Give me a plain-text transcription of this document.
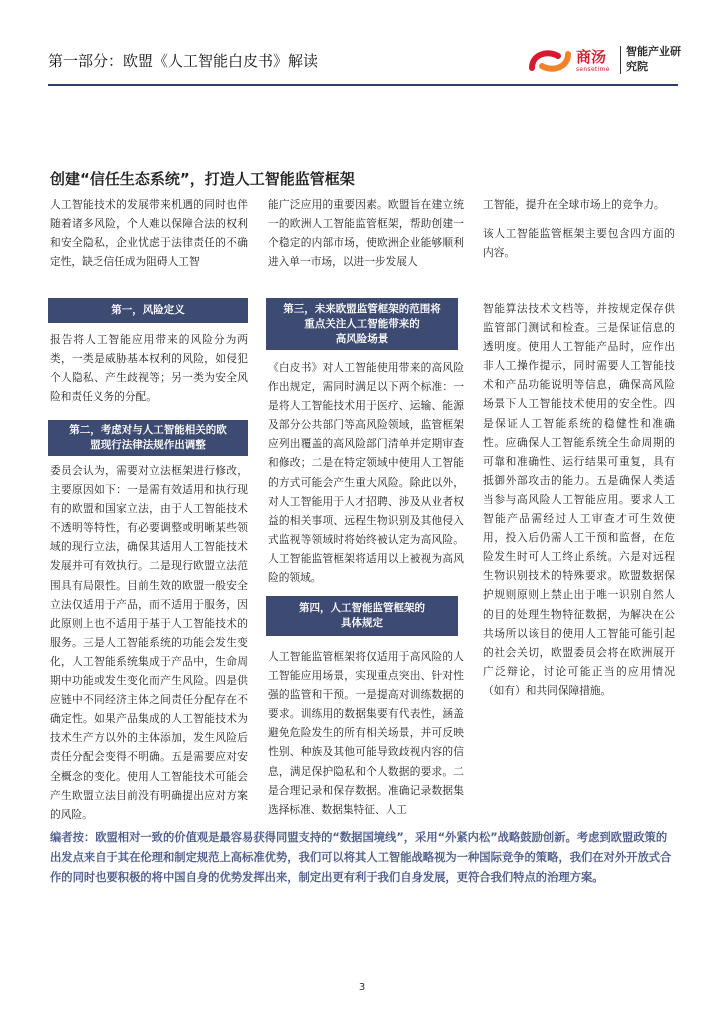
第一部分：欧盟《人工智能白皮书》解读	商汤
sensetime
智能产业研究院
创建“信任生态系统”，打造人工智能监管框架

人工智能技术的发展带来机遇的同时也伴随着诸多风险，个人难以保障合法的权利和安全隐私，企业忧虑于法律责任的不确定性，缺乏信任成为阻碍人工智

能广泛应用的重要因素。欧盟旨在建立统一的欧洲人工智能监管框架，帮助创建一个稳定的内部市场，使欧洲企业能够顺利进入单一市场，以进一步发展人

工智能，提升在全球市场上的竞争力。

该人工智能监管框架主要包含四方面的内容。

第一，风险定义

报告将人工智能应用带来的风险分为两类，一类是威胁基本权利的风险，如侵犯个人隐私、产生歧视等；另一类为安全风险和责任义务的分配。

第二，考虑对与人工智能相关的欧
盟现行法律法规作出调整

委员会认为，需要对立法框架进行修改，主要原因如下：一是需有效适用和执行现有的欧盟和国家立法，由于人工智能技术不透明等特性，有必要调整或明晰某些领域的现行立法，确保其适用人工智能技术发展并可有效执行。二是现行欧盟立法范围具有局限性。目前生效的欧盟一般安全立法仅适用于产品，而不适用于服务，因此原则上也不适用于基于人工智能技术的服务。三是人工智能系统的功能会发生变化，人工智能系统集成于产品中，生命周期中功能或发生变化而产生风险。四是供应链中不同经济主体之间责任分配存在不确定性。如果产品集成的人工智能技术为技术生产方以外的主体添加，发生风险后责任分配会变得不明确。五是需要应对安全概念的变化。使用人工智能技术可能会产生欧盟立法目前没有明确提出应对方案的风险。

第三，未来欧盟监管框架的范围将
重点关注人工智能带来的
高风险场景

《白皮书》对人工智能使用带来的高风险作出规定，需同时满足以下两个标准：一是将人工智能技术用于医疗、运输、能源及部分公共部门等高风险领域，监管框架应列出覆盖的高风险部门清单并定期审查和修改；二是在特定领域中使用人工智能的方式可能会产生重大风险。除此以外，对人工智能用于人才招聘、涉及从业者权益的相关事项、远程生物识别及其他侵入式监视等领域时将始终被认定为高风险。人工智能监管框架将适用以上被视为高风险的领域。

第四，人工智能监管框架的
具体规定

人工智能监管框架将仅适用于高风险的人工智能应用场景，实现重点突出、针对性强的监管和干预。一是提高对训练数据的要求。训练用的数据集要有代表性，涵盖避免危险发生的所有相关场景，并可反映性别、种族及其他可能导致歧视内容的信息，满足保护隐私和个人数据的要求。二是合理记录和保存数据。准确记录数据集选择标准、数据集特征、人工

智能算法技术文档等，并按规定保存供监管部门测试和检查。三是保证信息的透明度。使用人工智能产品时，应作出非人工操作提示，同时需要人工智能技术和产品功能说明等信息，确保高风险场景下人工智能技术使用的安全性。四是保证人工智能系统的稳健性和准确性。应确保人工智能系统全生命周期的可靠和准确性、运行结果可重复，具有抵御外部攻击的能力。五是确保人类适当参与高风险人工智能应用。要求人工智能产品需经过人工审查才可生效使用，投入后仍需人工干预和监督，在危险发生时可人工终止系统。六是对远程生物识别技术的特殊要求。欧盟数据保护规则原则上禁止出于唯一识别自然人的目的处理生物特征数据，为解决在公共场所以该目的使用人工智能可能引起的社会关切，欧盟委员会将在欧洲展开广泛辩论，讨论可能正当的应用情况（如有）和共同保障措施。

编者按：欧盟相对一致的价值观是最容易获得同盟支持的“数据国境线”，采用“外紧内松”战略鼓励创新。考虑到欧盟政策的出发点来自于其在伦理和制定规范上高标准优势，我们可以将其人工智能战略视为一种国际竞争的策略，我们在对外开放式合作的同时也要积极的将中国自身的优势发挥出来，制定出更有利于我们自身发展，更符合我们特点的治理方案。

3
